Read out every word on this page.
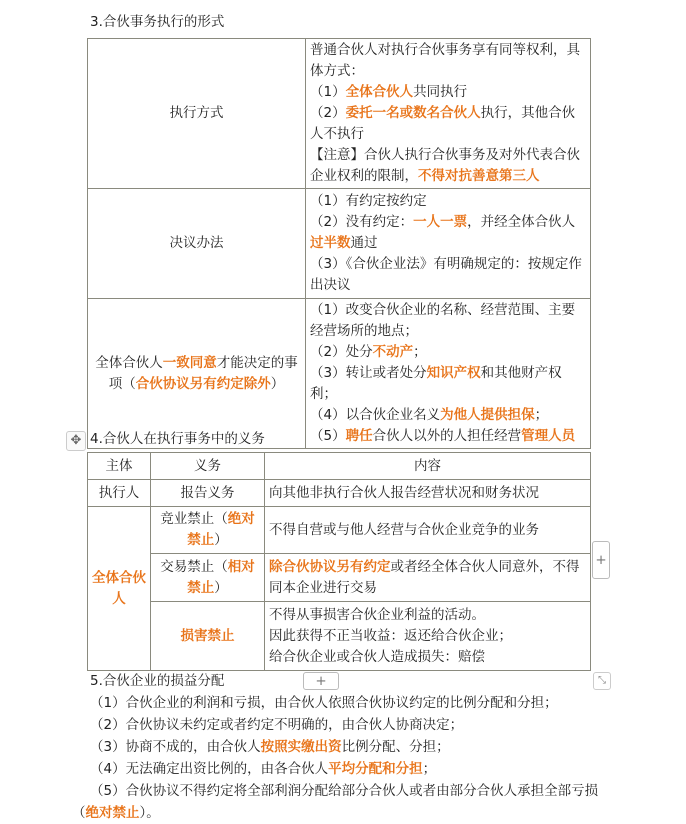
3.合伙事务执行的形式
执行方式	普通合伙人对执行合伙事务享有同等权利，具体方式：
（1）全体合伙人共同执行
（2）委托一名或数名合伙人执行，其他合伙人不执行
【注意】合伙人执行合伙事务及对外代表合伙企业权利的限制，不得对抗善意第三人

决议办法	（1）有约定按约定
（2）没有约定：一人一票，并经全体合伙人过半数通过
（3）《合伙企业法》有明确规定的：按规定作出决议

全体合伙人一致同意才能决定的事项（合伙协议另有约定除外）	（1）改变合伙企业的名称、经营范围、主要经营场所的地点；
（2）处分不动产；
（3）转让或者处分知识产权和其他财产权利；
（4）以合伙企业名义为他人提供担保；
（5）聘任合伙人以外的人担任经营管理人员
✥ 4.合伙人在执行事务中的义务
主体	义务	内容
执行人	报告义务	向其他非执行合伙人报告经营状况和财务状况

全体合伙人	竞业禁止（绝对禁止）	不得自营或与他人经营与合伙企业竞争的业务

	交易禁止（相对禁止）	除合伙协议另有约定或者经全体合伙人同意外，不得同本企业进行交易

	损害禁止	不得从事损害合伙企业利益的活动。
因此获得不正当收益：返还给合伙企业；
给合伙企业或合伙人造成损失：赔偿
+
+	⤡
5.合伙企业的损益分配
（1）合伙企业的利润和亏损，由合伙人依照合伙协议约定的比例分配和分担；
（2）合伙协议未约定或者约定不明确的，由合伙人协商决定；
（3）协商不成的，由合伙人按照实缴出资比例分配、分担；
（4）无法确定出资比例的，由各合伙人平均分配和分担；
（5）合伙协议不得约定将全部利润分配给部分合伙人或者由部分合伙人承担全部亏损
（绝对禁止）。
